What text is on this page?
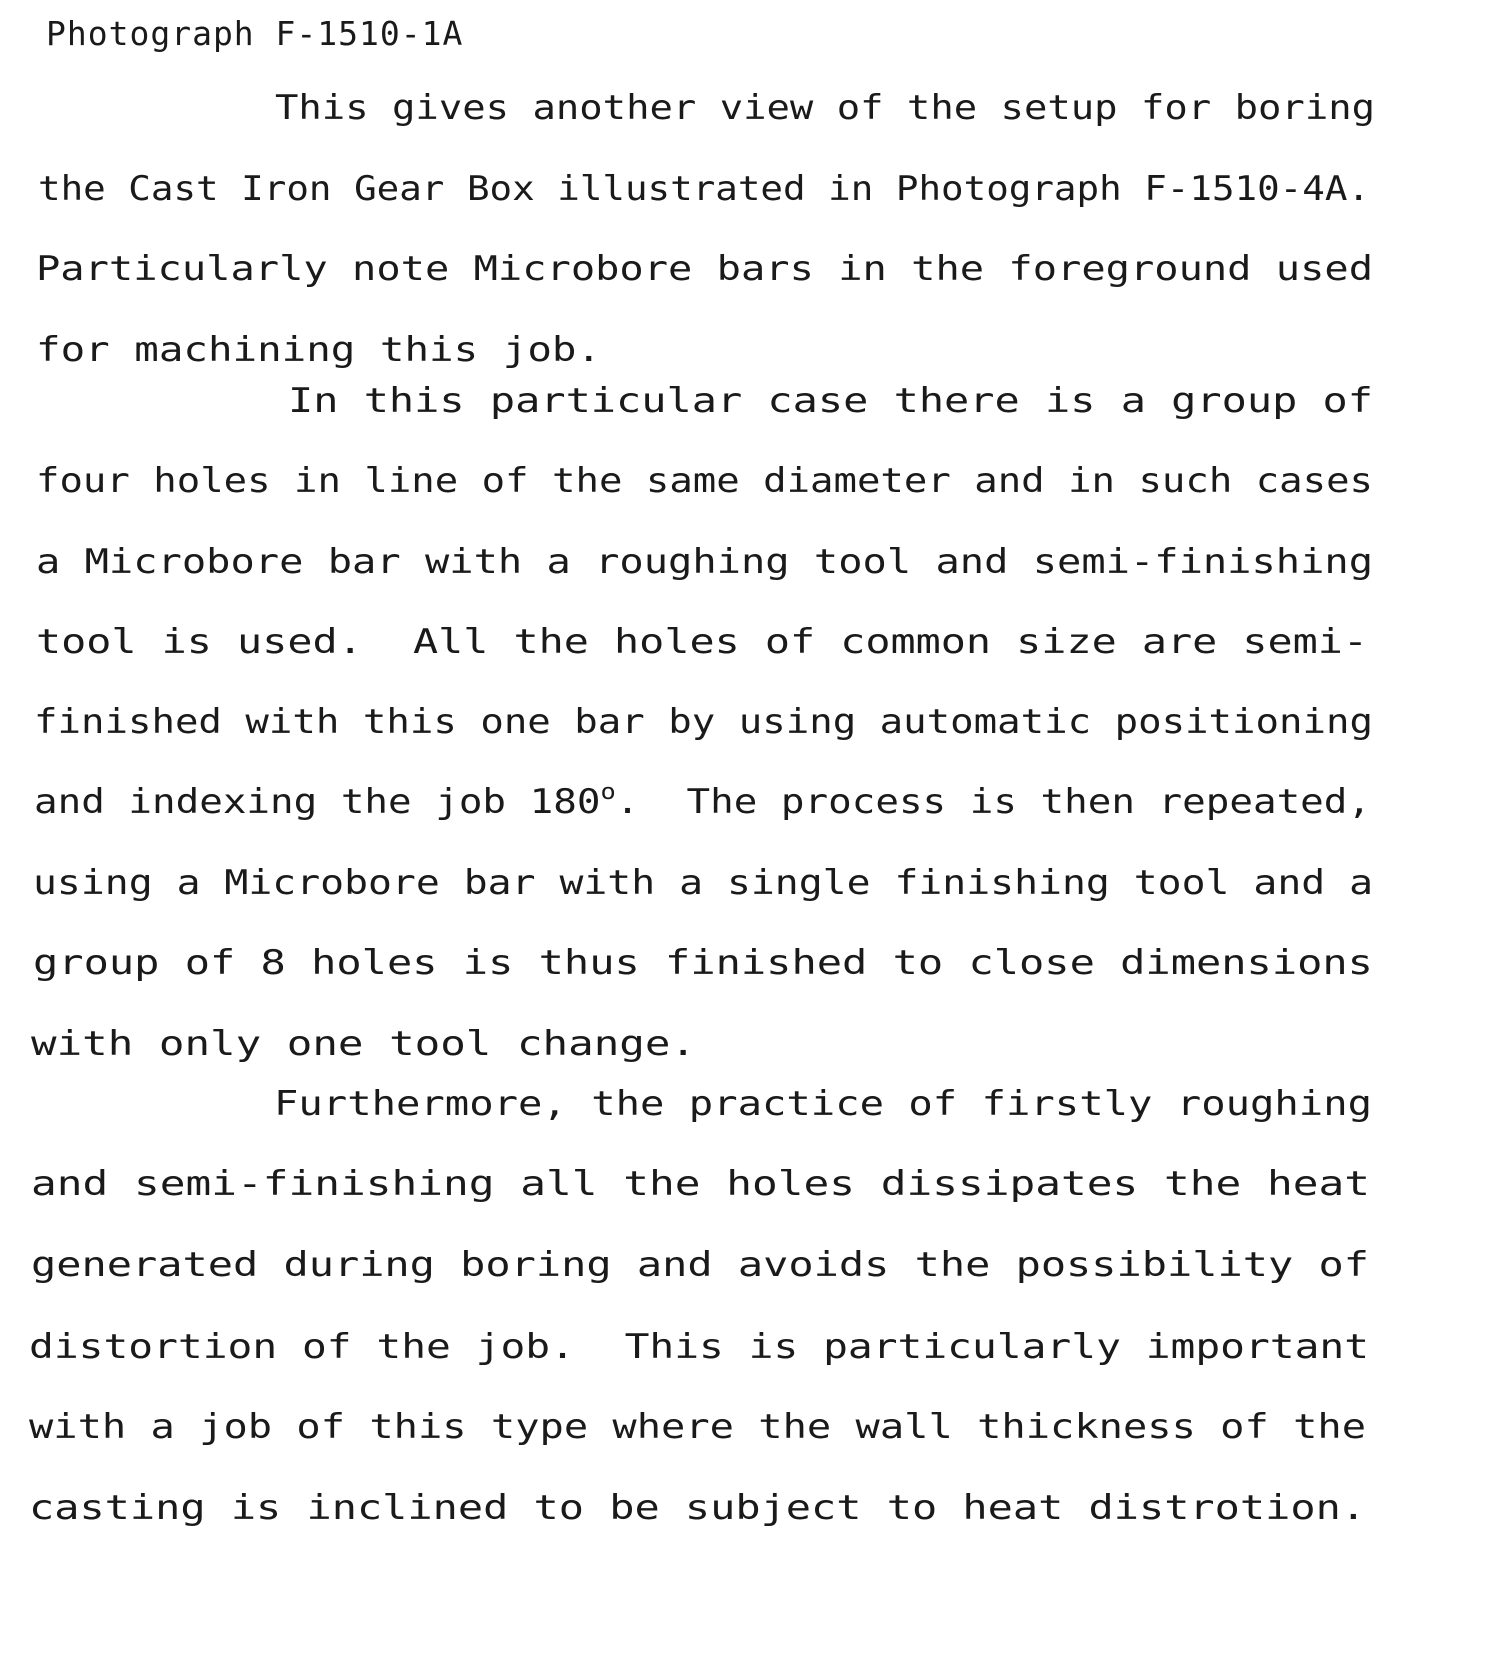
Photograph F-1510-1A
This gives another view of the setup for boring
the Cast Iron Gear Box illustrated in Photograph F-1510-4A.
Particularly note Microbore bars in the foreground used
for machining this job.
In this particular case there is a group of
four holes in line of the same diameter and in such cases
a Microbore bar with a roughing tool and semi-finishing
tool is used.  All the holes of common size are semi-
finished with this one bar by using automatic positioning
and indexing the job 180o.  The process is then repeated,
using a Microbore bar with a single finishing tool and a
group of 8 holes is thus finished to close dimensions
with only one tool change.
Furthermore, the practice of firstly roughing
and semi-finishing all the holes dissipates the heat
generated during boring and avoids the possibility of
distortion of the job.  This is particularly important
with a job of this type where the wall thickness of the
casting is inclined to be subject to heat distrotion.
